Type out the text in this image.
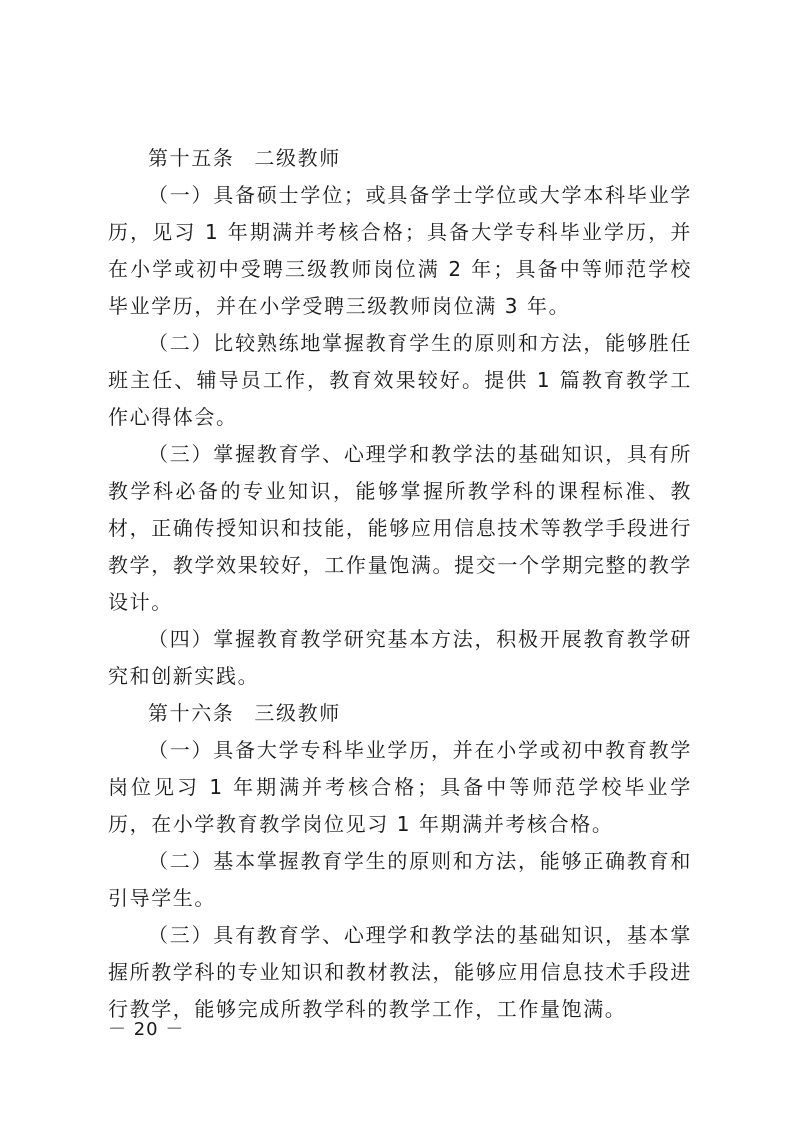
第十五条 二级教师

（一）具备硕士学位；或具备学士学位或大学本科毕业学历，见习 1 年期满并考核合格；具备大学专科毕业学历，并在小学或初中受聘三级教师岗位满 2 年；具备中等师范学校毕业学历，并在小学受聘三级教师岗位满 3 年。

（二）比较熟练地掌握教育学生的原则和方法，能够胜任班主任、辅导员工作，教育效果较好。提供 1 篇教育教学工作心得体会。

（三）掌握教育学、心理学和教学法的基础知识，具有所教学科必备的专业知识，能够掌握所教学科的课程标准、教材，正确传授知识和技能，能够应用信息技术等教学手段进行教学，教学效果较好，工作量饱满。提交一个学期完整的教学设计。

（四）掌握教育教学研究基本方法，积极开展教育教学研究和创新实践。

第十六条 三级教师

（一）具备大学专科毕业学历，并在小学或初中教育教学岗位见习 1 年期满并考核合格；具备中等师范学校毕业学历，在小学教育教学岗位见习 1 年期满并考核合格。

（二）基本掌握教育学生的原则和方法，能够正确教育和引导学生。

（三）具有教育学、心理学和教学法的基础知识，基本掌握所教学科的专业知识和教材教法，能够应用信息技术手段进行教学，能够完成所教学科的教学工作，工作量饱满。

－ 20 －
